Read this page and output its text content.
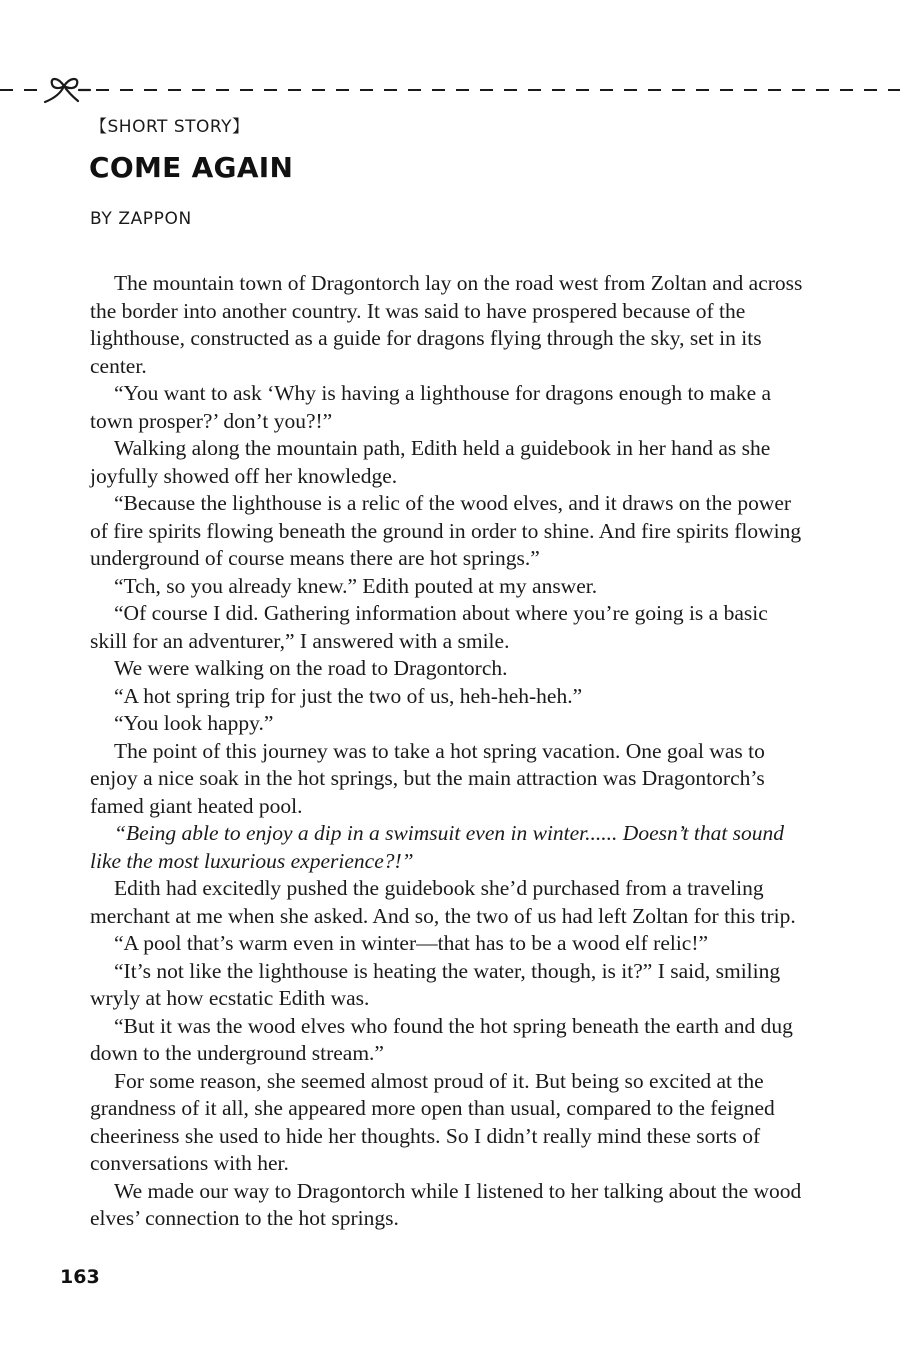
【SHORT STORY】
COME AGAIN
BY ZAPPON

The mountain town of Dragontorch lay on the road west from Zoltan and across the border into another country. It was said to have prospered because of the lighthouse, constructed as a guide for dragons flying through the sky, set in its center.

“You want to ask ‘Why is having a lighthouse for dragons enough to make a town prosper?’ don’t you?!”

Walking along the mountain path, Edith held a guidebook in her hand as she joyfully showed off her knowledge.

“Because the lighthouse is a relic of the wood elves, and it draws on the power of fire spirits flowing beneath the ground in order to shine. And fire spirits flowing underground of course means there are hot springs.”

“Tch, so you already knew.” Edith pouted at my answer.

“Of course I did. Gathering information about where you’re going is a basic skill for an adventurer,” I answered with a smile.

We were walking on the road to Dragontorch.

“A hot spring trip for just the two of us, heh-heh-heh.”

“You look happy.”

The point of this journey was to take a hot spring vacation. One goal was to enjoy a nice soak in the hot springs, but the main attraction was Dragontorch’s famed giant heated pool.

“Being able to enjoy a dip in a swimsuit even in winter...... Doesn’t that sound like the most luxurious experience?!”

Edith had excitedly pushed the guidebook she’d purchased from a traveling merchant at me when she asked. And so, the two of us had left Zoltan for this trip.

“A pool that’s warm even in winter—that has to be a wood elf relic!”

“It’s not like the lighthouse is heating the water, though, is it?” I said, smiling wryly at how ecstatic Edith was.

“But it was the wood elves who found the hot spring beneath the earth and dug down to the underground stream.”

For some reason, she seemed almost proud of it. But being so excited at the grandness of it all, she appeared more open than usual, compared to the feigned cheeriness she used to hide her thoughts. So I didn’t really mind these sorts of conversations with her.

We made our way to Dragontorch while I listened to her talking about the wood elves’ connection to the hot springs.

163
